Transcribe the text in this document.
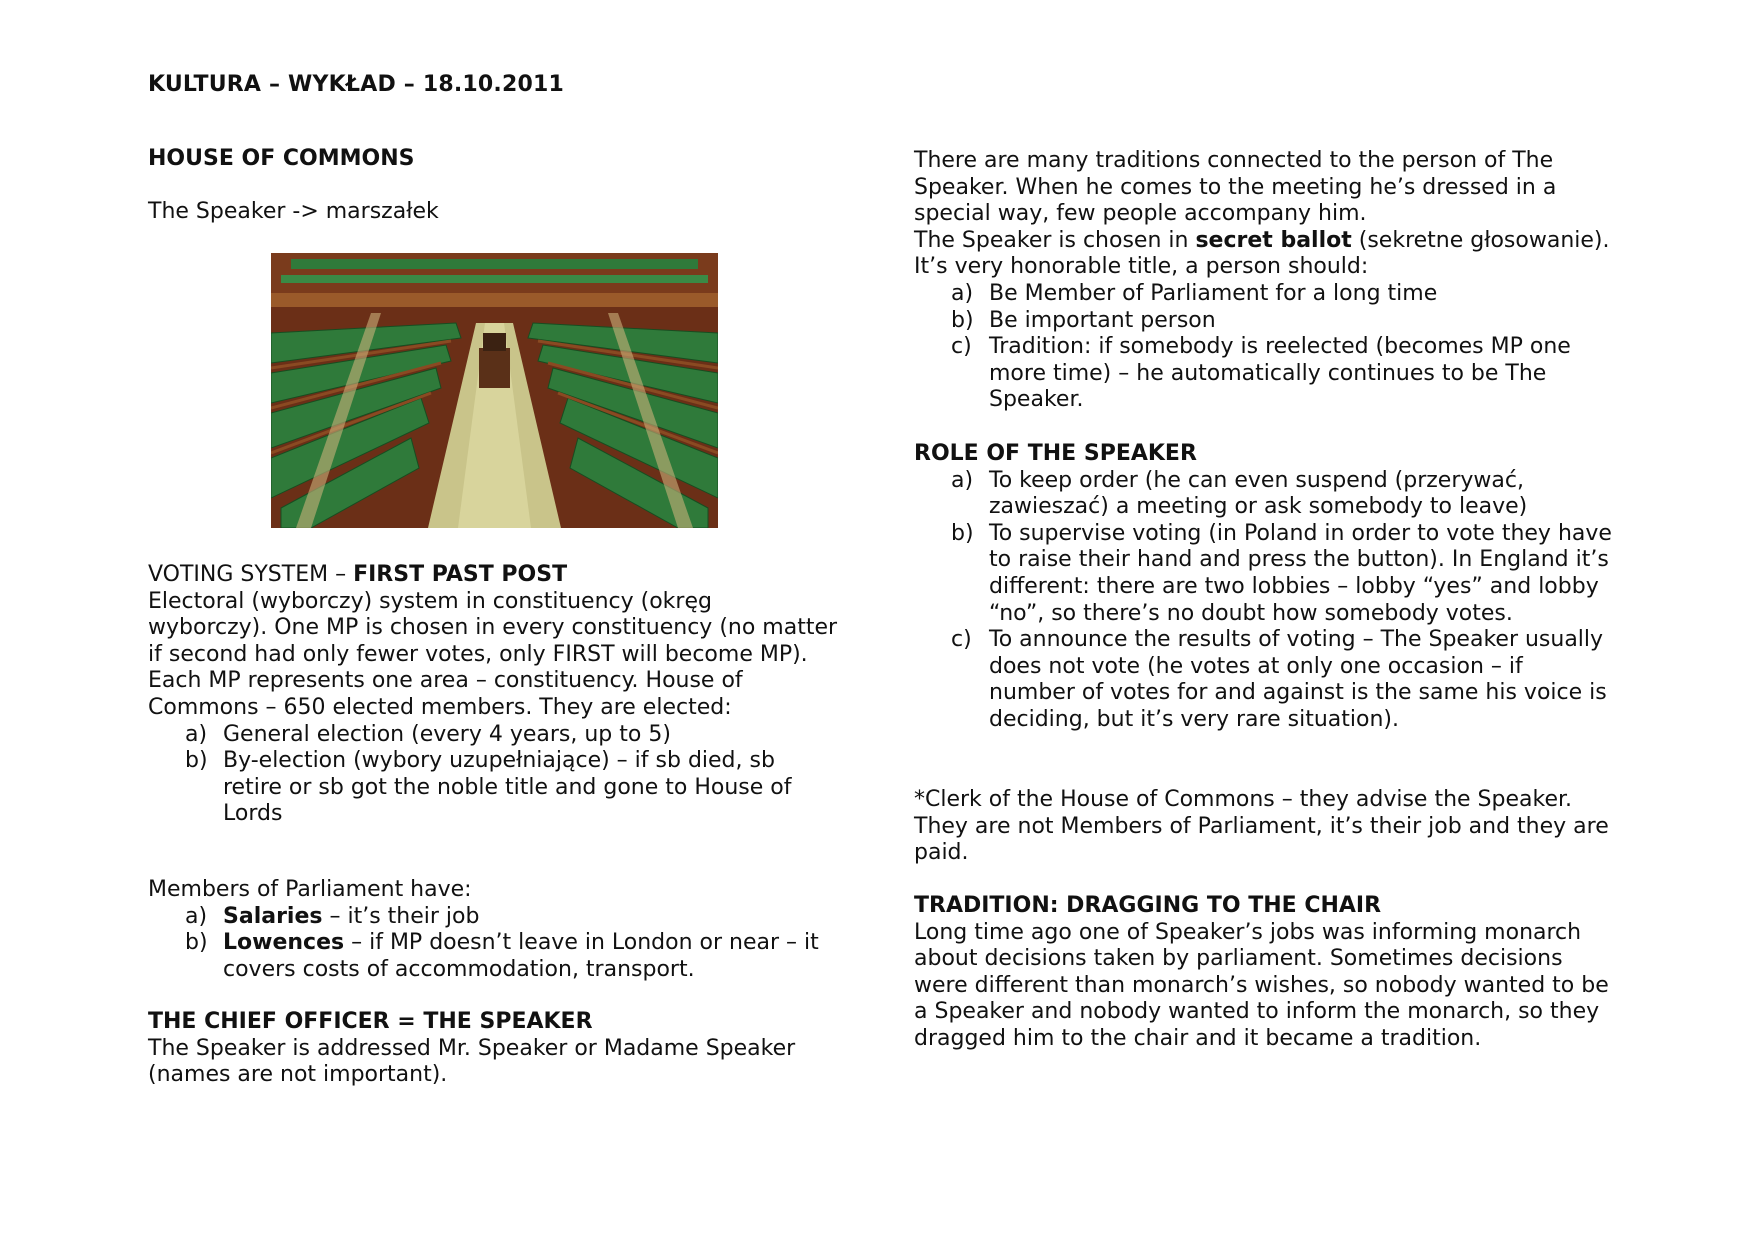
KULTURA – WYKŁAD – 18.10.2011
HOUSE OF COMMONS
The Speaker -> marszałek

VOTING SYSTEM – FIRST PAST POST

Electoral (wyborczy) system in constituency (okręg wyborczy). One MP is chosen in every constituency (no matter if second had only fewer votes, only FIRST will become MP). Each MP represents one area – constituency. House of Commons – 650 elected members. They are elected:

a) General election (every 4 years, up to 5)
b) By-election (wybory uzupełniające) – if sb died, sb retire or sb got the noble title and gone to House of Lords

Members of Parliament have:

a) Salaries – it’s their job
b) Lowences – if MP doesn’t leave in London or near – it covers costs of accommodation, transport.

THE CHIEF OFFICER = THE SPEAKER

The Speaker is addressed Mr. Speaker or Madame Speaker (names are not important).

There are many traditions connected to the person of The Speaker. When he comes to the meeting he’s dressed in a special way, few people accompany him.

The Speaker is chosen in secret ballot (sekretne głosowanie). It’s very honorable title, a person should:

a) Be Member of Parliament for a long time
b) Be important person
c) Tradition: if somebody is reelected (becomes MP one more time) – he automatically continues to be The Speaker.

ROLE OF THE SPEAKER

a) To keep order (he can even suspend (przerywać, zawieszać) a meeting or ask somebody to leave)
b) To supervise voting (in Poland in order to vote they have to raise their hand and press the button). In England it’s different: there are two lobbies – lobby “yes” and lobby “no”, so there’s no doubt how somebody votes.
c) To announce the results of voting – The Speaker usually does not vote (he votes at only one occasion – if number of votes for and against is the same his voice is deciding, but it’s very rare situation).
*Clerk of the House of Commons – they advise the Speaker. They are not Members of Parliament, it’s their job and they are paid.

TRADITION: DRAGGING TO THE CHAIR

Long time ago one of Speaker’s jobs was informing monarch about decisions taken by parliament. Sometimes decisions were different than monarch’s wishes, so nobody wanted to be a Speaker and nobody wanted to inform the monarch, so they dragged him to the chair and it became a tradition.
